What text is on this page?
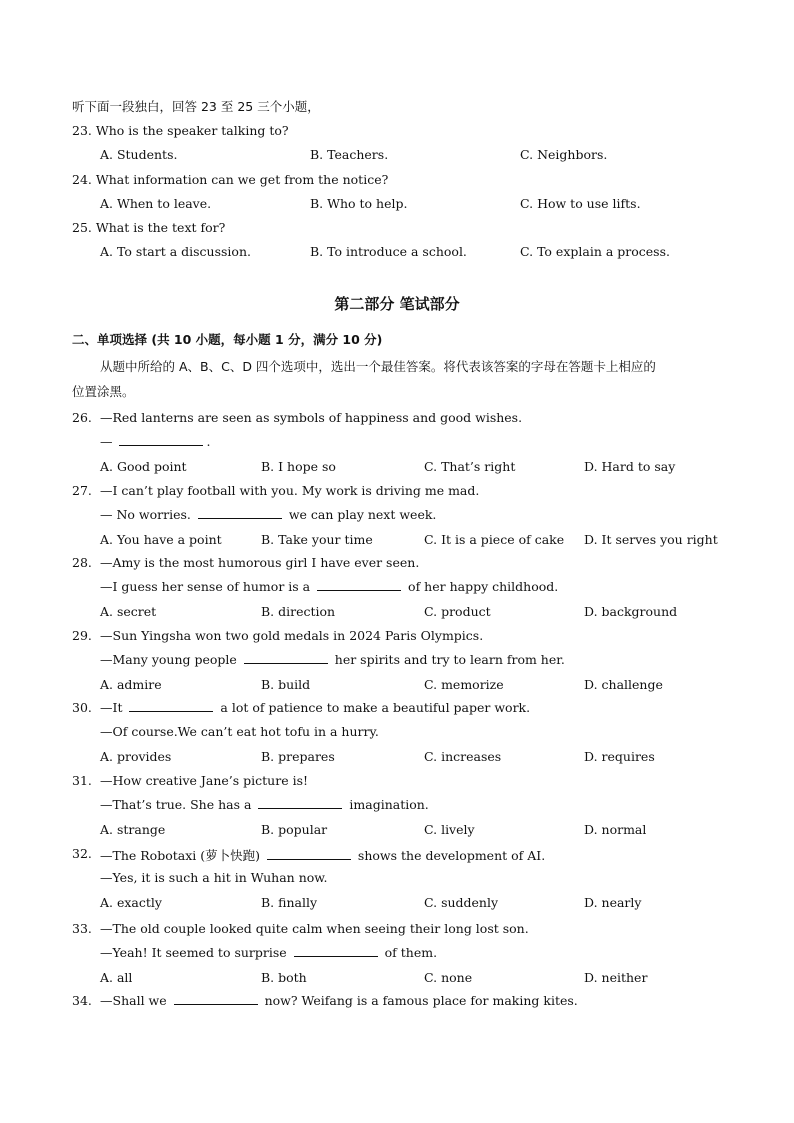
听下面一段独白，回答 23 至 25 三个小题，
23. Who is the speaker talking to?
A. Students.	B. Teachers.	C. Neighbors.
24. What information can we get from the notice?
A. When to leave.	B. Who to help.	C. How to use lifts.
25. What is the text for?
A. To start a discussion.	B. To introduce a school.	C. To explain a process.
第二部分 笔试部分
二、单项选择 (共 10 小题，每小题 1 分，满分 10 分)
从题中所给的 A、B、C、D 四个选项中，选出一个最佳答案。将代表该答案的字母在答题卡上相应的
位置涂黑。
26. —Red lanterns are seen as symbols of happiness and good wishes.
—	.
A. Good point	B. I hope so	C. That’s right	D. Hard to say
27. —I can’t play football with you. My work is driving me mad.
— No worries.	we can play next week.
A. You have a point	B. Take your time	C. It is a piece of cake D. It serves you right
28. —Amy is the most humorous girl I have ever seen.
—I guess her sense of humor is a	of her happy childhood.
A. secret	B. direction	C. product	D. background
29. —Sun Yingsha won two gold medals in 2024 Paris Olympics.
—Many young people	her spirits and try to learn from her.
A. admire	B. build	C. memorize	D. challenge
30. —It	a lot of patience to make a beautiful paper work.
—Of course.We can’t eat hot tofu in a hurry.
A. provides	B. prepares	C. increases	D. requires
31. —How creative Jane’s picture is!
—That’s true. She has a	imagination.
A. strange	B. popular	C. lively	D. normal
32. —The Robotaxi (萝卜快跑)	shows the development of AI.
—Yes, it is such a hit in Wuhan now.
A. exactly	B. finally	C. suddenly	D. nearly
33. —The old couple looked quite calm when seeing their long lost son.
—Yeah! It seemed to surprise	of them.
A. all	B. both	C. none	D. neither
34. —Shall we	now? Weifang is a famous place for making kites.
